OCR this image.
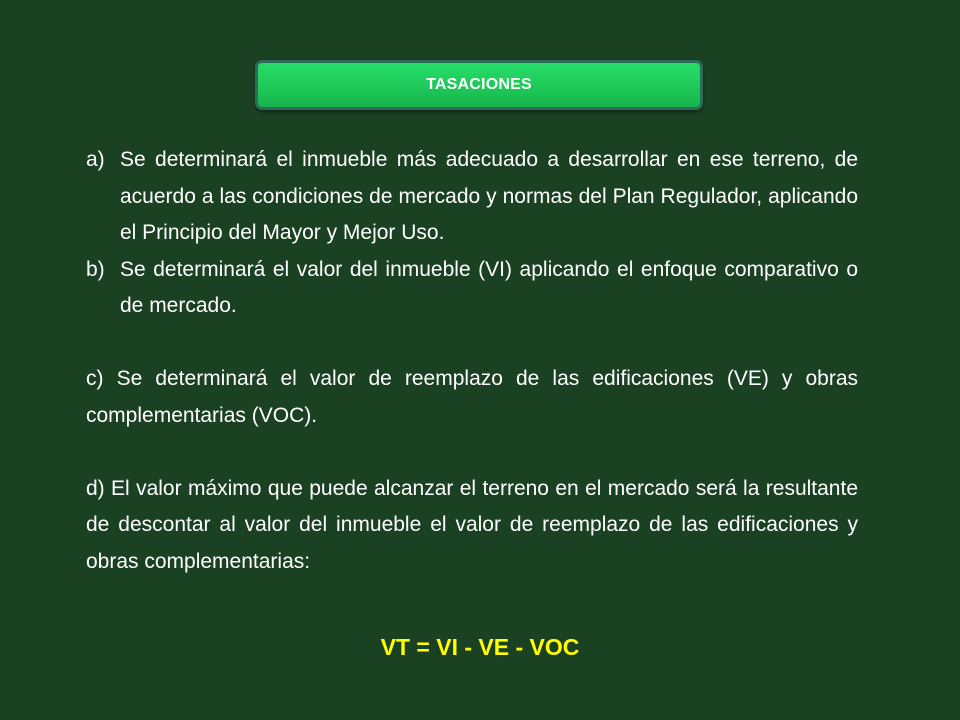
TASACIONES
a) Se determinará el inmueble más adecuado a desarrollar en ese terreno, de acuerdo a las condiciones de mercado y normas del Plan Regulador, aplicando el Principio del Mayor y Mejor Uso.
b) Se determinará el valor del inmueble (VI) aplicando el enfoque comparativo o de mercado.
c) Se determinará el valor de reemplazo de las edificaciones (VE) y obras complementarias (VOC).
d) El valor máximo que puede alcanzar el terreno en el mercado será la resultante de descontar al valor del inmueble el valor de reemplazo de las edificaciones y obras complementarias:
VT = VI - VE - VOC
